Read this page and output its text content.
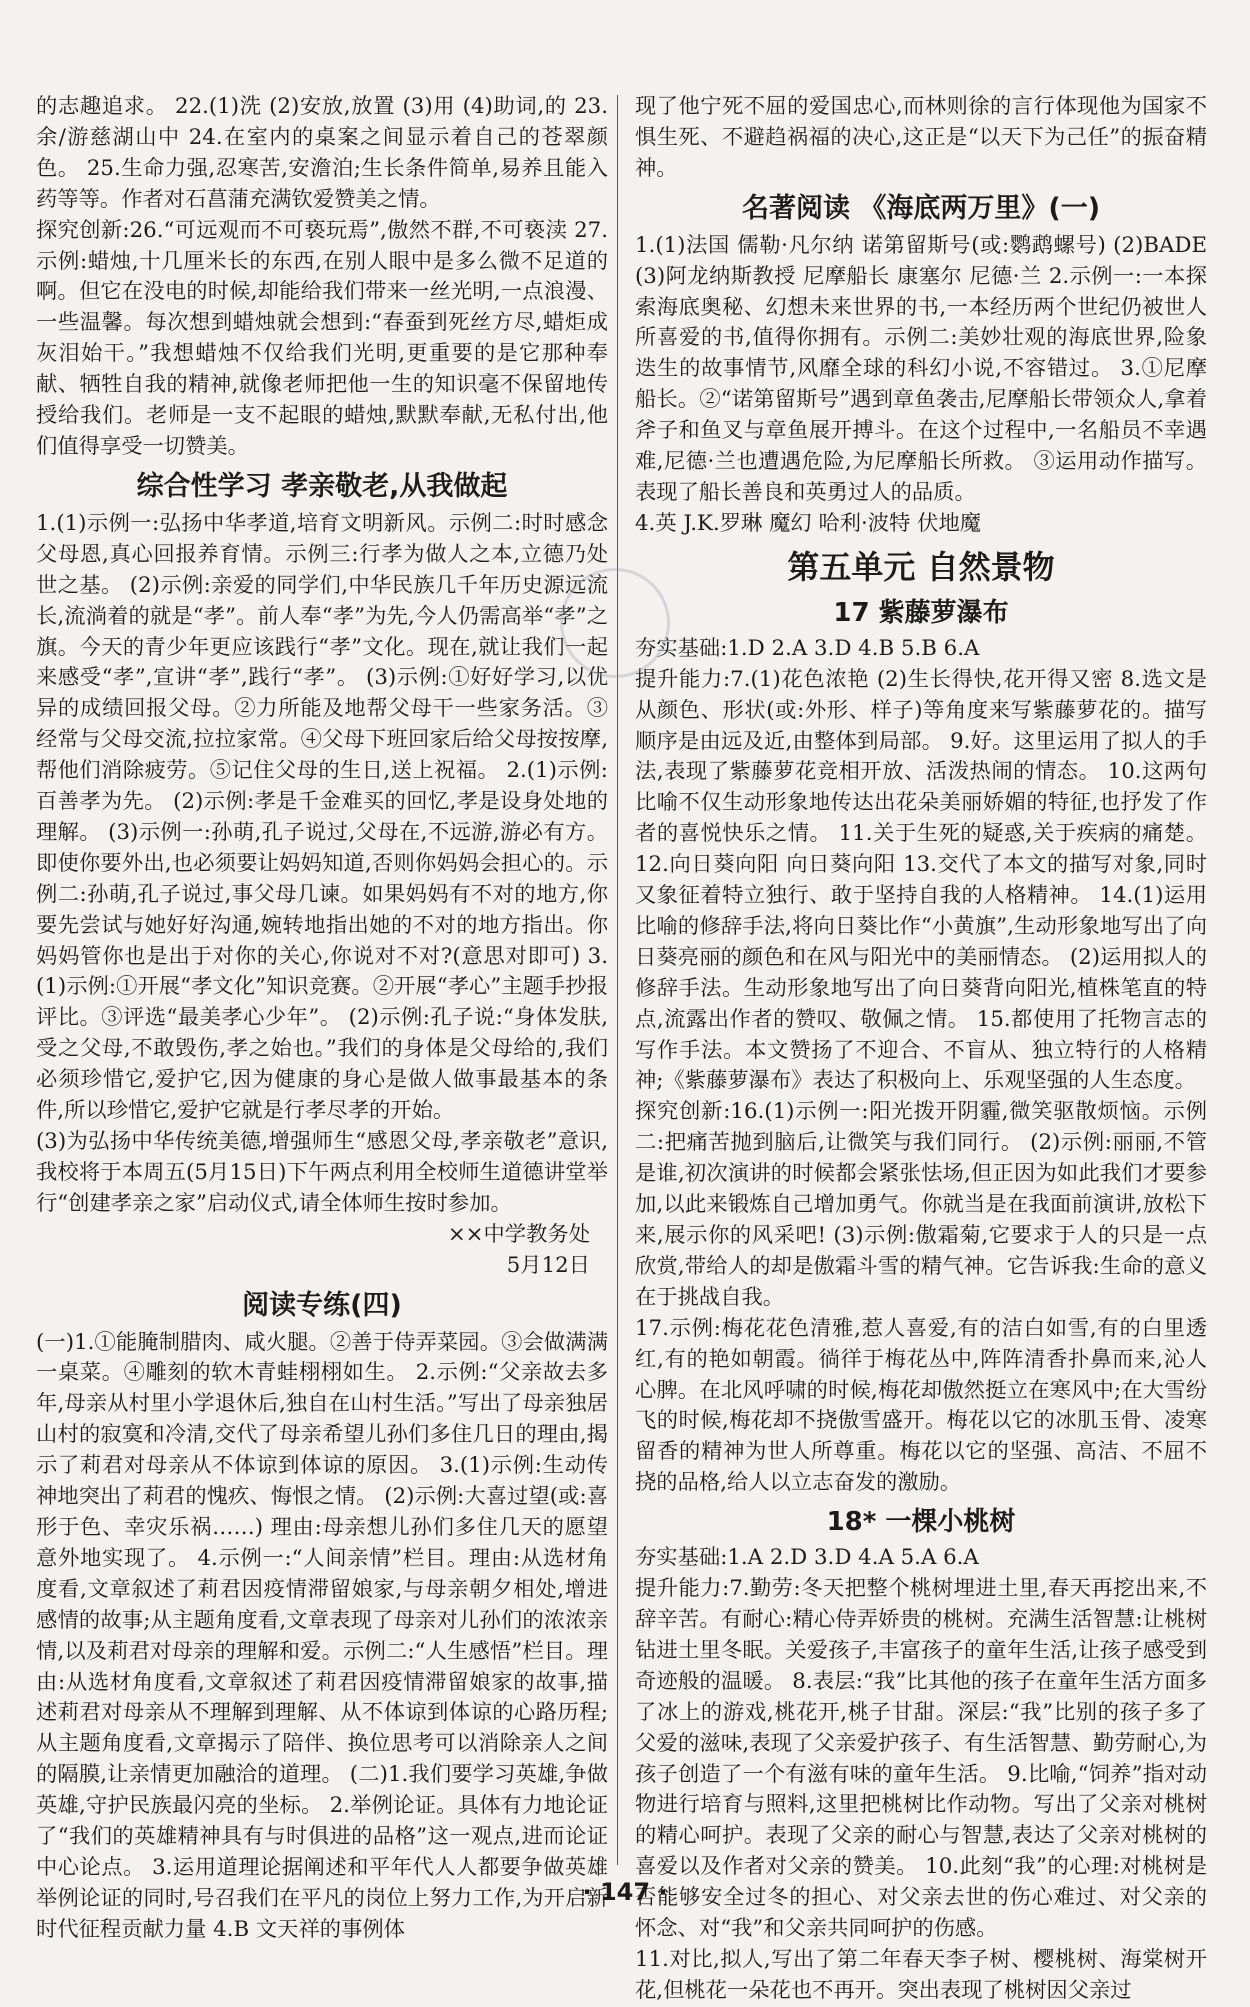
的志趣追求。 22.(1)洗 (2)安放,放置 (3)用 (4)助词,的 23.余/游慈湖山中 24.在室内的桌案之间显示着自己的苍翠颜色。 25.生命力强,忍寒苦,安澹泊;生长条件简单,易养且能入药等等。作者对石菖蒲充满钦爱赞美之情。

探究创新:26.“可远观而不可亵玩焉”,傲然不群,不可亵渎 27.示例:蜡烛,十几厘米长的东西,在别人眼中是多么微不足道的啊。但它在没电的时候,却能给我们带来一丝光明,一点浪漫、一些温馨。每次想到蜡烛就会想到:“春蚕到死丝方尽,蜡炬成灰泪始干。”我想蜡烛不仅给我们光明,更重要的是它那种奉献、牺牲自我的精神,就像老师把他一生的知识毫不保留地传授给我们。老师是一支不起眼的蜡烛,默默奉献,无私付出,他们值得享受一切赞美。

综合性学习 孝亲敬老,从我做起

1.(1)示例一:弘扬中华孝道,培育文明新风。示例二:时时感念父母恩,真心回报养育情。示例三:行孝为做人之本,立德乃处世之基。 (2)示例:亲爱的同学们,中华民族几千年历史源远流长,流淌着的就是“孝”。前人奉“孝”为先,今人仍需高举“孝”之旗。今天的青少年更应该践行“孝”文化。现在,就让我们一起来感受“孝”,宣讲“孝”,践行“孝”。 (3)示例:①好好学习,以优异的成绩回报父母。②力所能及地帮父母干一些家务活。③经常与父母交流,拉拉家常。④父母下班回家后给父母按按摩,帮他们消除疲劳。⑤记住父母的生日,送上祝福。 2.(1)示例:百善孝为先。 (2)示例:孝是千金难买的回忆,孝是设身处地的理解。 (3)示例一:孙萌,孔子说过,父母在,不远游,游必有方。即使你要外出,也必须要让妈妈知道,否则你妈妈会担心的。示例二:孙萌,孔子说过,事父母几谏。如果妈妈有不对的地方,你要先尝试与她好好沟通,婉转地指出她的不对的地方指出。你妈妈管你也是出于对你的关心,你说对不对?(意思对即可) 3.(1)示例:①开展“孝文化”知识竞赛。②开展“孝心”主题手抄报评比。③评选“最美孝心少年”。 (2)示例:孔子说:“身体发肤,受之父母,不敢毁伤,孝之始也。”我们的身体是父母给的,我们必须珍惜它,爱护它,因为健康的身心是做人做事最基本的条件,所以珍惜它,爱护它就是行孝尽孝的开始。

(3)为弘扬中华传统美德,增强师生“感恩父母,孝亲敬老”意识,我校将于本周五(5月15日)下午两点利用全校师生道德讲堂举行“创建孝亲之家”启动仪式,请全体师生按时参加。

××中学教务处
5月12日
阅读专练(四)

(一)1.①能腌制腊肉、咸火腿。②善于侍弄菜园。③会做满满一桌菜。④雕刻的软木青蛙栩栩如生。 2.示例:“父亲故去多年,母亲从村里小学退休后,独自在山村生活。”写出了母亲独居山村的寂寞和冷清,交代了母亲希望儿孙们多住几日的理由,揭示了莉君对母亲从不体谅到体谅的原因。 3.(1)示例:生动传神地突出了莉君的愧疚、悔恨之情。 (2)示例:大喜过望(或:喜形于色、幸灾乐祸……) 理由:母亲想儿孙们多住几天的愿望意外地实现了。 4.示例一:“人间亲情”栏目。理由:从选材角度看,文章叙述了莉君因疫情滞留娘家,与母亲朝夕相处,增进感情的故事;从主题角度看,文章表现了母亲对儿孙们的浓浓亲情,以及莉君对母亲的理解和爱。示例二:“人生感悟”栏目。理由:从选材角度看,文章叙述了莉君因疫情滞留娘家的故事,描述莉君对母亲从不理解到理解、从不体谅到体谅的心路历程;从主题角度看,文章揭示了陪伴、换位思考可以消除亲人之间的隔膜,让亲情更加融洽的道理。 (二)1.我们要学习英雄,争做英雄,守护民族最闪亮的坐标。 2.举例论证。具体有力地论证了“我们的英雄精神具有与时俱进的品格”这一观点,进而论证中心论点。 3.运用道理论据阐述和平年代人人都要争做英雄 举例论证的同时,号召我们在平凡的岗位上努力工作,为开启新时代征程贡献力量 4.B 文天祥的事例体

现了他宁死不屈的爱国忠心,而林则徐的言行体现他为国家不惧生死、不避趋祸福的决心,这正是“以天下为己任”的振奋精神。

名著阅读 《海底两万里》(一)

1.(1)法国 儒勒·凡尔纳 诺第留斯号(或:鹦鹉螺号) (2)BADE (3)阿龙纳斯教授 尼摩船长 康塞尔 尼德·兰 2.示例一:一本探索海底奥秘、幻想未来世界的书,一本经历两个世纪仍被世人所喜爱的书,值得你拥有。示例二:美妙壮观的海底世界,险象迭生的故事情节,风靡全球的科幻小说,不容错过。 3.①尼摩船长。②“诺第留斯号”遇到章鱼袭击,尼摩船长带领众人,拿着斧子和鱼叉与章鱼展开搏斗。在这个过程中,一名船员不幸遇难,尼德·兰也遭遇危险,为尼摩船长所救。 ③运用动作描写。表现了船长善良和英勇过人的品质。

4.英 J.K.罗琳 魔幻 哈利·波特 伏地魔

第五单元 自然景物
17 紫藤萝瀑布

夯实基础:1.D 2.A 3.D 4.B 5.B 6.A

提升能力:7.(1)花色浓艳 (2)生长得快,花开得又密 8.选文是从颜色、形状(或:外形、样子)等角度来写紫藤萝花的。描写顺序是由远及近,由整体到局部。 9.好。这里运用了拟人的手法,表现了紫藤萝花竞相开放、活泼热闹的情态。 10.这两句比喻不仅生动形象地传达出花朵美丽娇媚的特征,也抒发了作者的喜悦快乐之情。 11.关于生死的疑惑,关于疾病的痛楚。 12.向日葵向阳 向日葵向阳 13.交代了本文的描写对象,同时又象征着特立独行、敢于坚持自我的人格精神。 14.(1)运用比喻的修辞手法,将向日葵比作“小黄旗”,生动形象地写出了向日葵亮丽的颜色和在风与阳光中的美丽情态。 (2)运用拟人的修辞手法。生动形象地写出了向日葵背向阳光,植株笔直的特点,流露出作者的赞叹、敬佩之情。 15.都使用了托物言志的写作手法。本文赞扬了不迎合、不盲从、独立特行的人格精神;《紫藤萝瀑布》表达了积极向上、乐观坚强的人生态度。

探究创新:16.(1)示例一:阳光拨开阴霾,微笑驱散烦恼。示例二:把痛苦抛到脑后,让微笑与我们同行。 (2)示例:丽丽,不管是谁,初次演讲的时候都会紧张怯场,但正因为如此我们才要参加,以此来锻炼自己增加勇气。你就当是在我面前演讲,放松下来,展示你的风采吧! (3)示例:傲霜菊,它要求于人的只是一点欣赏,带给人的却是傲霜斗雪的精气神。它告诉我:生命的意义在于挑战自我。

17.示例:梅花花色清雅,惹人喜爱,有的洁白如雪,有的白里透红,有的艳如朝霞。徜徉于梅花丛中,阵阵清香扑鼻而来,沁人心脾。在北风呼啸的时候,梅花却傲然挺立在寒风中;在大雪纷飞的时候,梅花却不挠傲雪盛开。梅花以它的冰肌玉骨、凌寒留香的精神为世人所尊重。梅花以它的坚强、高洁、不屈不挠的品格,给人以立志奋发的激励。

18* 一棵小桃树

夯实基础:1.A 2.D 3.D 4.A 5.A 6.A

提升能力:7.勤劳:冬天把整个桃树埋进土里,春天再挖出来,不辞辛苦。有耐心:精心侍弄娇贵的桃树。充满生活智慧:让桃树钻进土里冬眠。关爱孩子,丰富孩子的童年生活,让孩子感受到奇迹般的温暖。 8.表层:“我”比其他的孩子在童年生活方面多了冰上的游戏,桃花开,桃子甘甜。深层:“我”比别的孩子多了父爱的滋味,表现了父亲爱护孩子、有生活智慧、勤劳耐心,为孩子创造了一个有滋有味的童年生活。 9.比喻,“饲养”指对动物进行培育与照料,这里把桃树比作动物。写出了父亲对桃树的精心呵护。表现了父亲的耐心与智慧,表达了父亲对桃树的喜爱以及作者对父亲的赞美。 10.此刻“我”的心理:对桃树是否能够安全过冬的担心、对父亲去世的伤心难过、对父亲的怀念、对“我”和父亲共同呵护的伤感。

11.对比,拟人,写出了第二年春天李子树、樱桃树、海棠树开花,但桃花一朵花也不再开。突出表现了桃树因父亲过

· 147 ·
